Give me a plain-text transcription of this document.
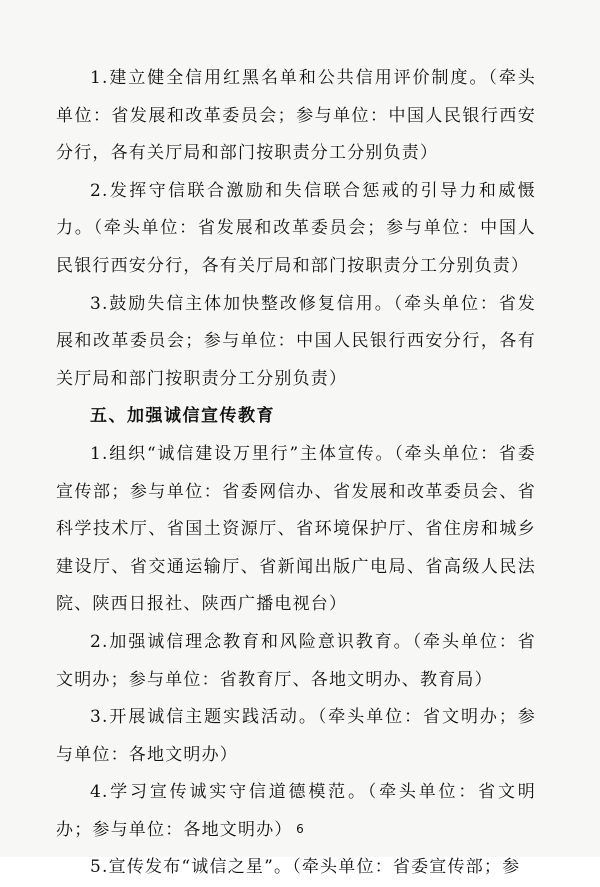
1.建立健全信用红黑名单和公共信用评价制度。（牵头单位：省发展和改革委员会；参与单位：中国人民银行西安分行，各有关厅局和部门按职责分工分别负责）

2.发挥守信联合激励和失信联合惩戒的引导力和威慑力。（牵头单位：省发展和改革委员会；参与单位：中国人民银行西安分行，各有关厅局和部门按职责分工分别负责）

3.鼓励失信主体加快整改修复信用。（牵头单位：省发展和改革委员会；参与单位：中国人民银行西安分行，各有关厅局和部门按职责分工分别负责）

五、加强诚信宣传教育

1.组织“诚信建设万里行”主体宣传。（牵头单位：省委宣传部；参与单位：省委网信办、省发展和改革委员会、省科学技术厅、省国土资源厅、省环境保护厅、省住房和城乡建设厅、省交通运输厅、省新闻出版广电局、省高级人民法院、陕西日报社、陕西广播电视台）

2.加强诚信理念教育和风险意识教育。（牵头单位：省文明办；参与单位：省教育厅、各地文明办、教育局）

3.开展诚信主题实践活动。（牵头单位：省文明办；参与单位：各地文明办）

4.学习宣传诚实守信道德模范。（牵头单位：省文明办；参与单位：各地文明办）

5.宣传发布“诚信之星”。（牵头单位：省委宣传部；参

6
